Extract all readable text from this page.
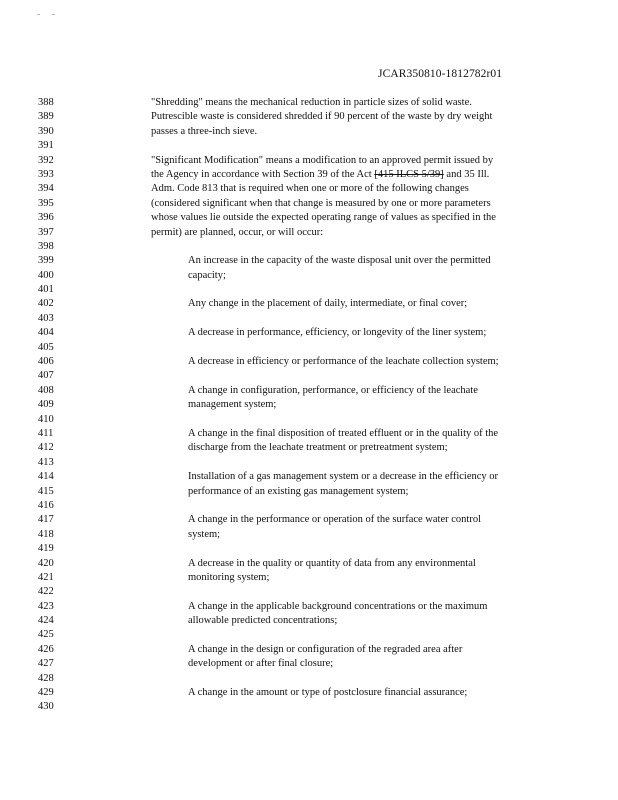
JCAR350810-1812782r01
388
389
390
391
392
393
394
395
396
397
398
399
400
401
402
403
404
405
406
407
408
409
410
411
412
413
414
415
416
417
418
419
420
421
422
423
424
425
426
427
428
429
430
"Shredding" means the mechanical reduction in particle sizes of solid waste.
Putrescible waste is considered shredded if 90 percent of the waste by dry weight
passes a three-inch sieve.
"Significant Modification" means a modification to an approved permit issued by
the Agency in accordance with Section 39 of the Act [415 ILCS 5/39] and 35 Ill.
Adm. Code 813 that is required when one or more of the following changes
(considered significant when that change is measured by one or more parameters
whose values lie outside the expected operating range of values as specified in the
permit) are planned, occur, or will occur:
An increase in the capacity of the waste disposal unit over the permitted
capacity;
Any change in the placement of daily, intermediate, or final cover;
A decrease in performance, efficiency, or longevity of the liner system;
A decrease in efficiency or performance of the leachate collection system;
A change in configuration, performance, or efficiency of the leachate
management system;
A change in the final disposition of treated effluent or in the quality of the
discharge from the leachate treatment or pretreatment system;
Installation of a gas management system or a decrease in the efficiency or
performance of an existing gas management system;
A change in the performance or operation of the surface water control
system;
A decrease in the quality or quantity of data from any environmental
monitoring system;
A change in the applicable background concentrations or the maximum
allowable predicted concentrations;
A change in the design or configuration of the regraded area after
development or after final closure;
A change in the amount or type of postclosure financial assurance;
